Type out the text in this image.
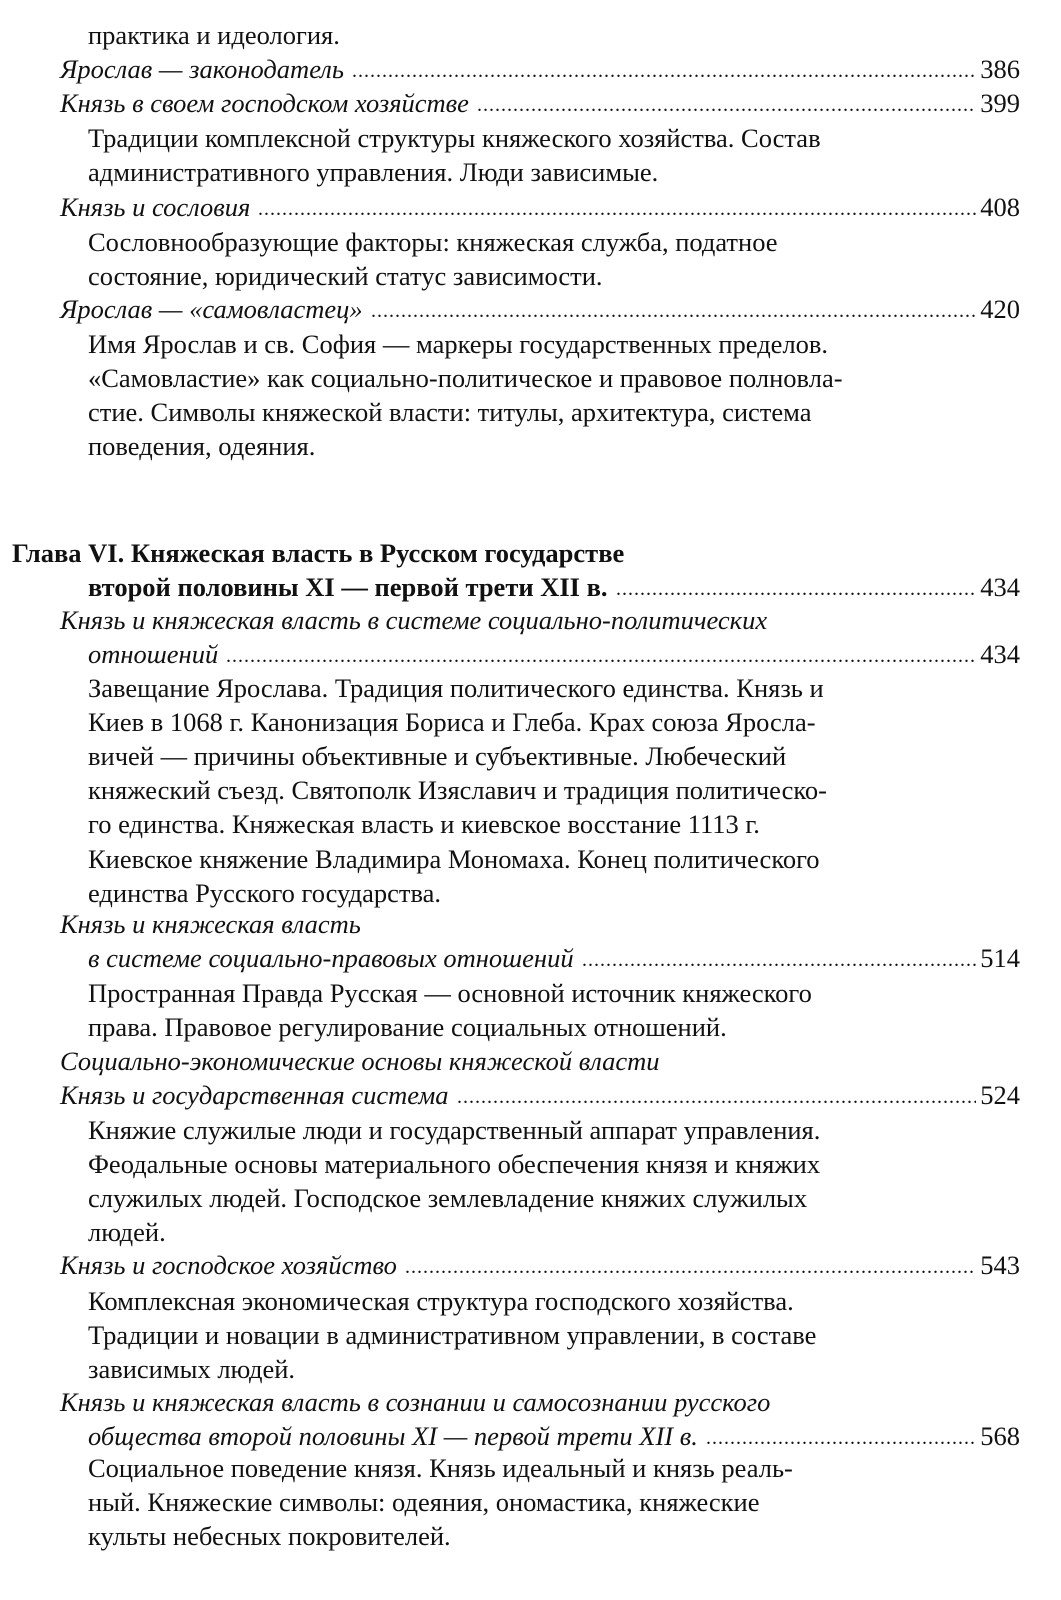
практика и идеология.
Ярослав — законодатель	386
Князь в своем господском хозяйстве	399
Традиции комплексной структуры княжеского хозяйства. Состав
административного управления. Люди зависимые.
Князь и сословия	408
Сословнообразующие факторы: княжеская служба, податное
состояние, юридический статус зависимости.
Ярослав — «самовластец»	420
Имя Ярослав и св. София — маркеры государственных пределов.
«Самовластие» как социально-политическое и правовое полновла-
стие. Символы княжеской власти: титулы, архитектура, система
поведения, одеяния.
Глава VI. Княжеская власть в Русском государстве
второй половины XI — первой трети XII в.	434
Князь и княжеская власть в системе социально-политических
отношений	434
Завещание Ярослава. Традиция политического единства. Князь и
Киев в 1068 г. Канонизация Бориса и Глеба. Крах союза Яросла-
вичей — причины объективные и субъективные. Любеческий
княжеский съезд. Святополк Изяславич и традиция политическо-
го единства. Княжеская власть и киевское восстание 1113 г.
Киевское княжение Владимира Мономаха. Конец политического
единства Русского государства.
Князь и княжеская власть
в системе социально-правовых отношений	514
Пространная Правда Русская — основной источник княжеского
права. Правовое регулирование социальных отношений.
Социально-экономические основы княжеской власти
Князь и государственная система	524
Княжие служилые люди и государственный аппарат управления.
Феодальные основы материального обеспечения князя и княжих
служилых людей. Господское землевладение княжих служилых
людей.
Князь и господское хозяйство	543
Комплексная экономическая структура господского хозяйства.
Традиции и новации в административном управлении, в составе
зависимых людей.
Князь и княжеская власть в сознании и самосознании русского
общества второй половины XI — первой трети XII в.	568
Социальное поведение князя. Князь идеальный и князь реаль-
ный. Княжеские символы: одеяния, ономастика, княжеские
культы небесных покровителей.
.....
.....
.....
.....
.....
.....
.....
.....
.....
.....
